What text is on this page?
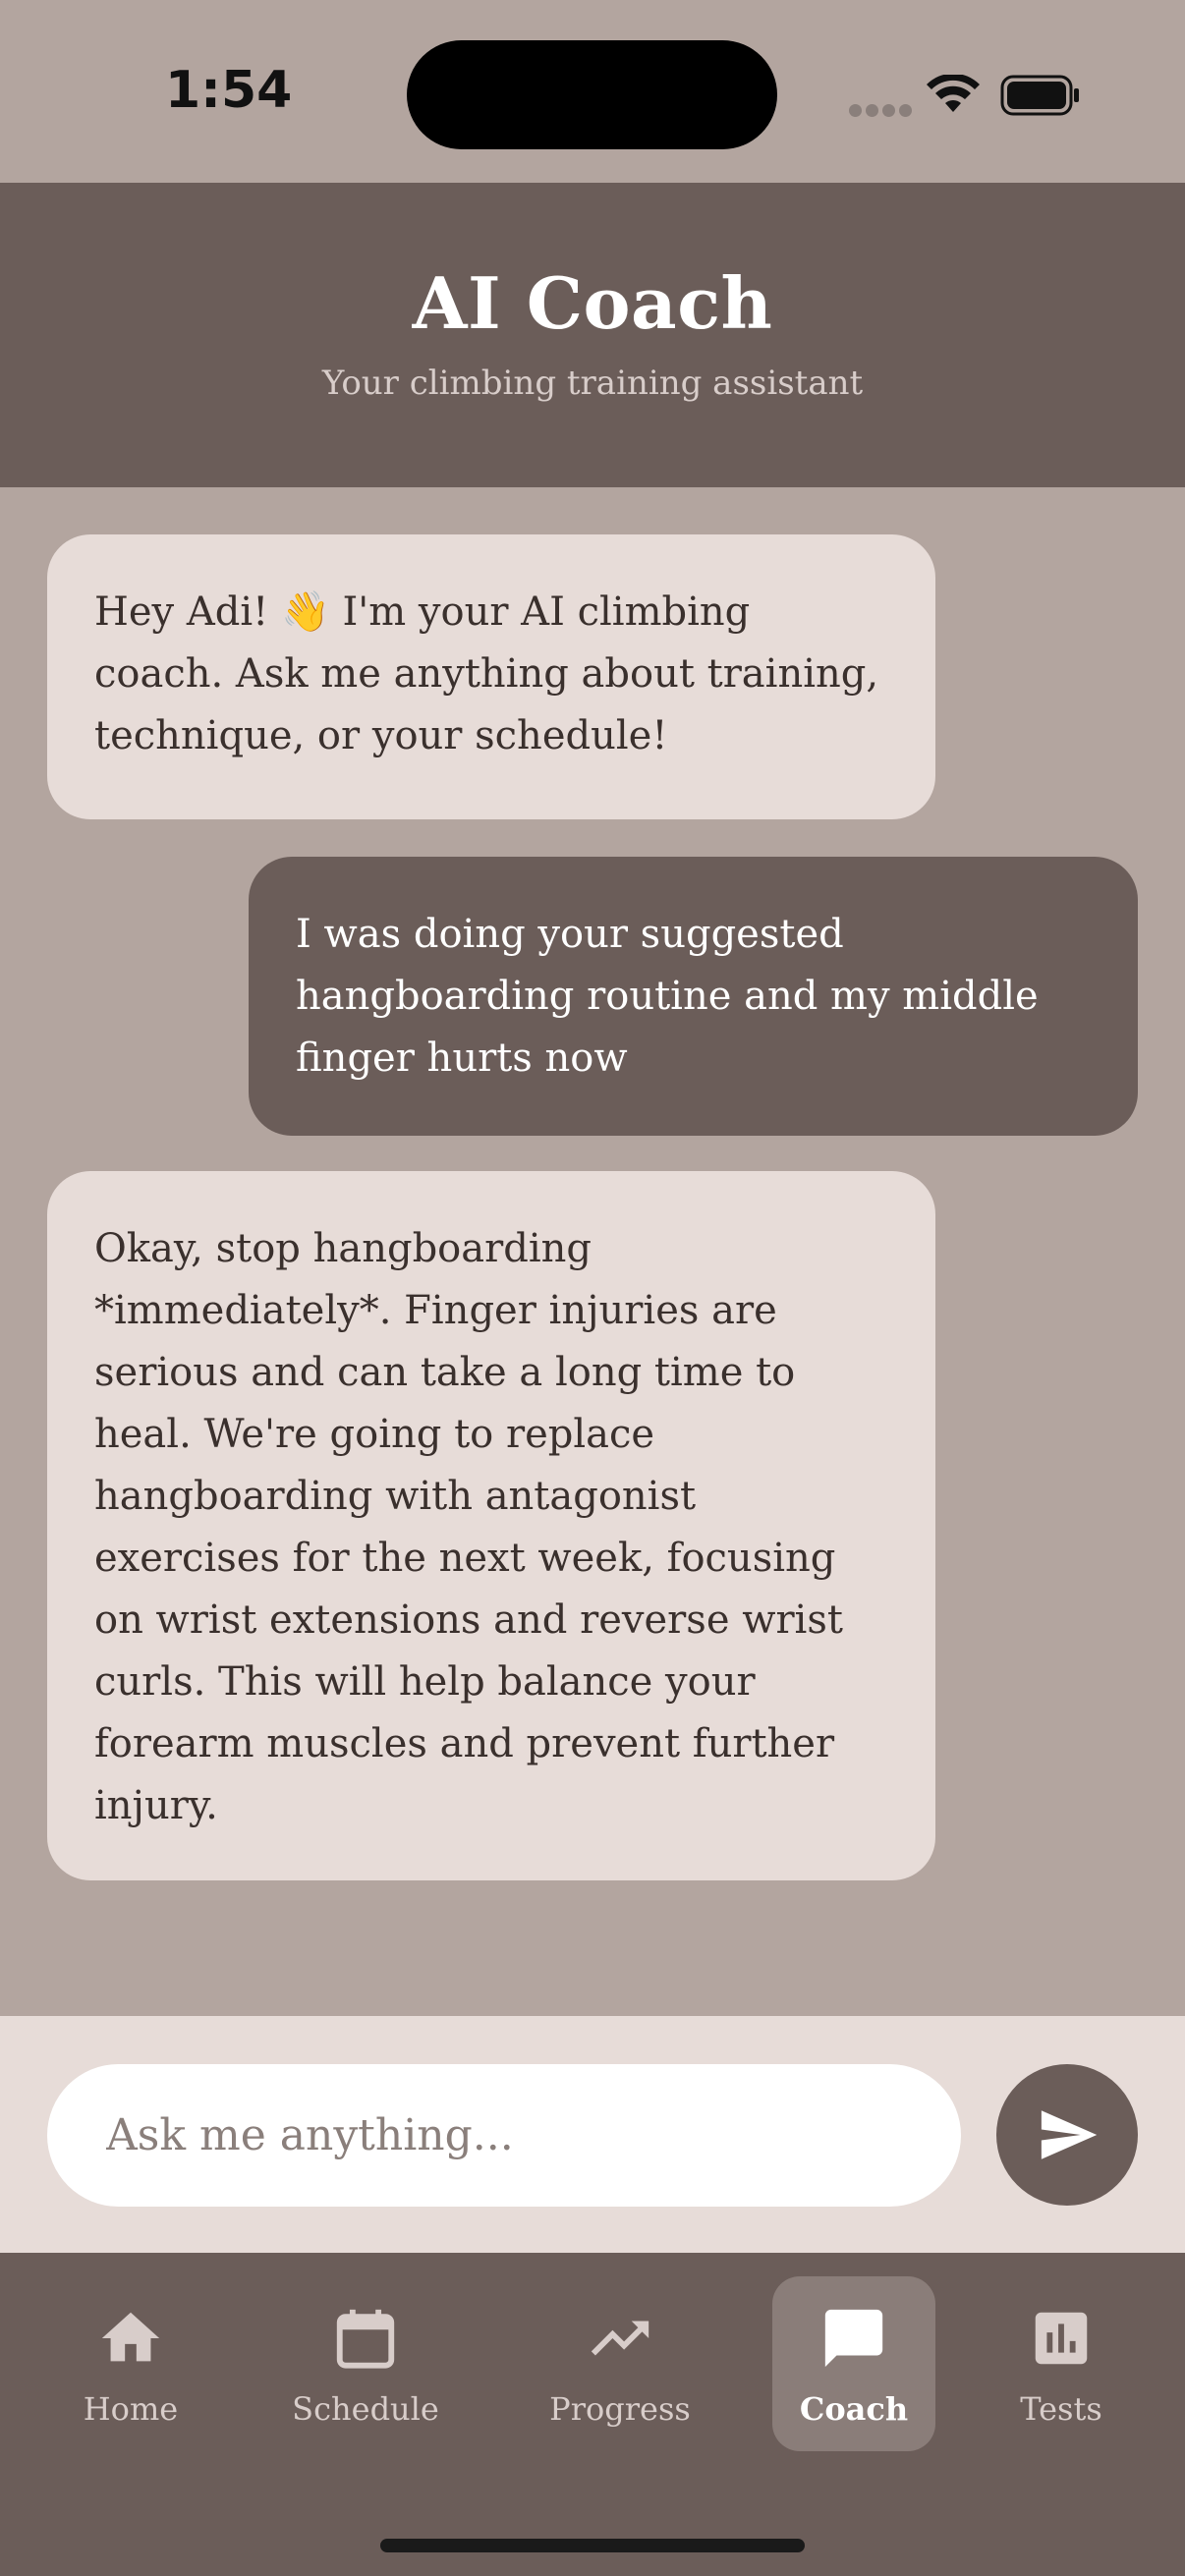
1:54
AI Coach
Your climbing training assistant
Hey Adi! 👋 I'm your AI climbing
coach. Ask me anything about training,
technique, or your schedule!
I was doing your suggested
hangboarding routine and my middle
finger hurts now
Okay, stop hangboarding
*immediately*. Finger injuries are
serious and can take a long time to
heal. We're going to replace
hangboarding with antagonist
exercises for the next week, focusing
on wrist extensions and reverse wrist
curls. This will help balance your
forearm muscles and prevent further
injury.
Ask me anything...
Home	Schedule	Progress	Coach	Tests
